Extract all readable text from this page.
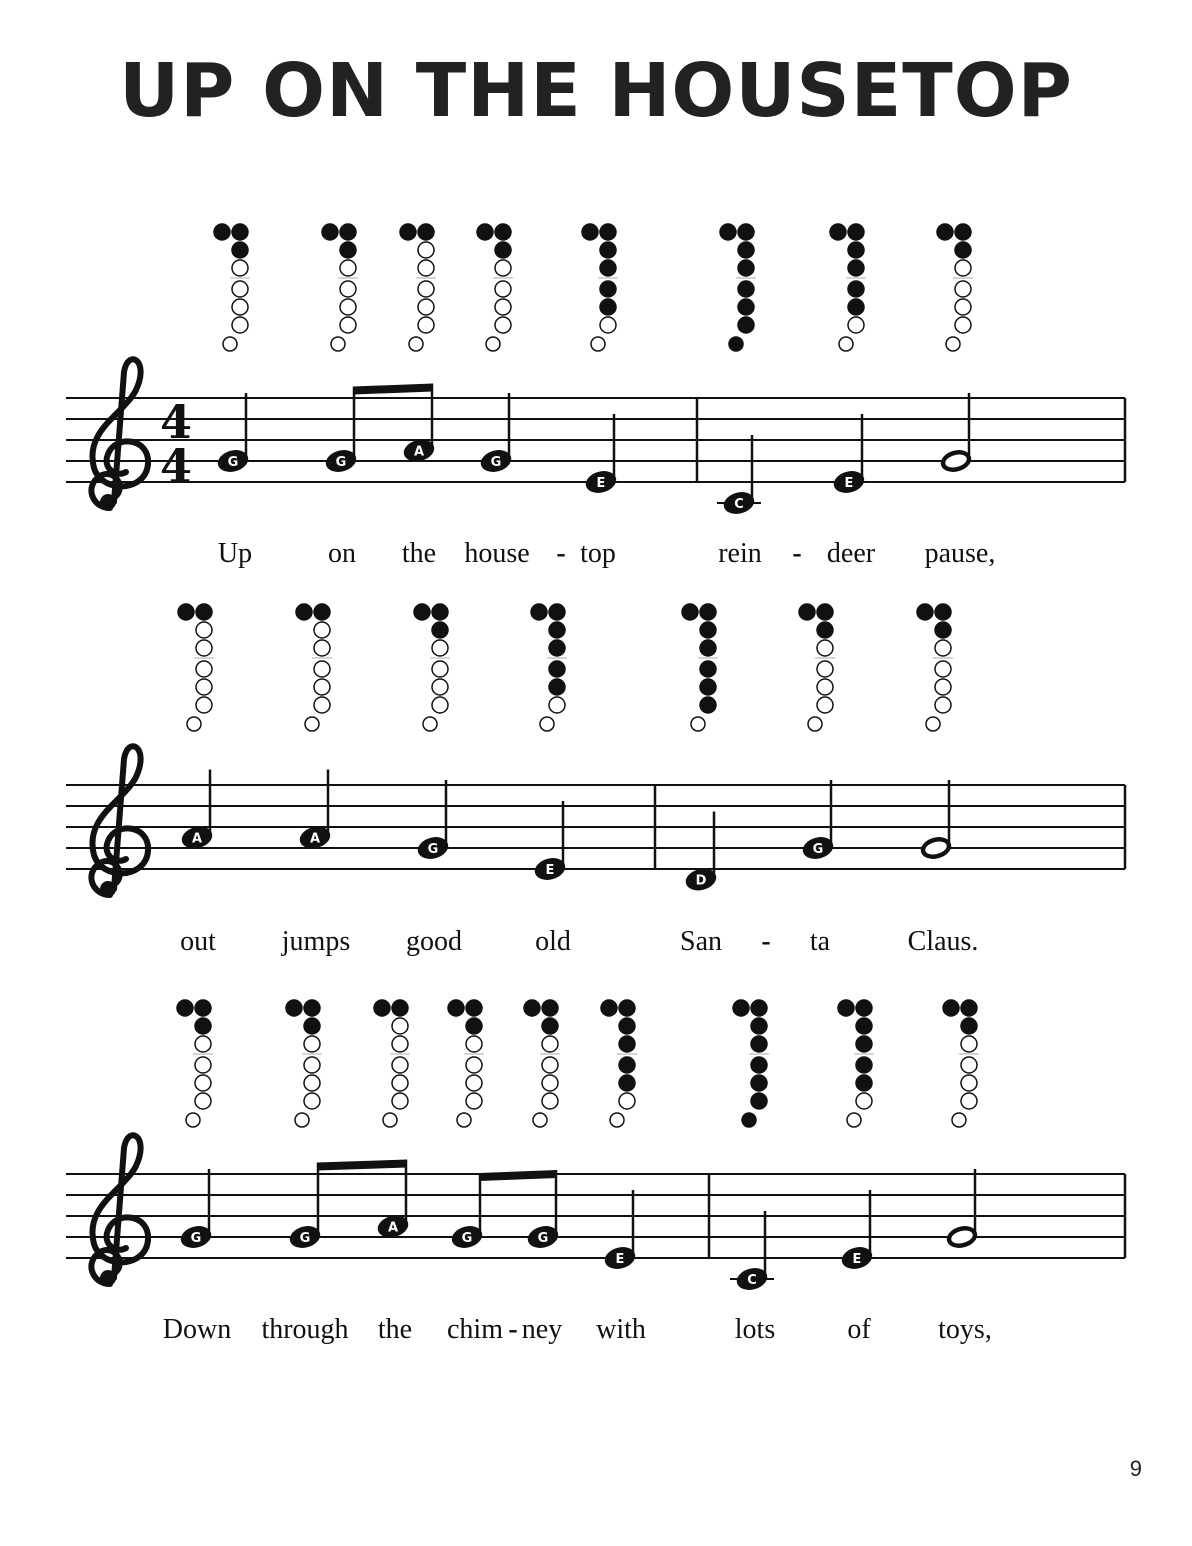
UP ON THE HOUSETOP
4
4	G	G
A
G
E
C
E
G
Up	on the house - top	rein - deer pause,
A	A
G
E
D
G	G
out jumps good	old	San - ta	Claus.
G	G
A
G	G
E
C
E
G
Down through the chim - ney with	lots	of toys,
9
